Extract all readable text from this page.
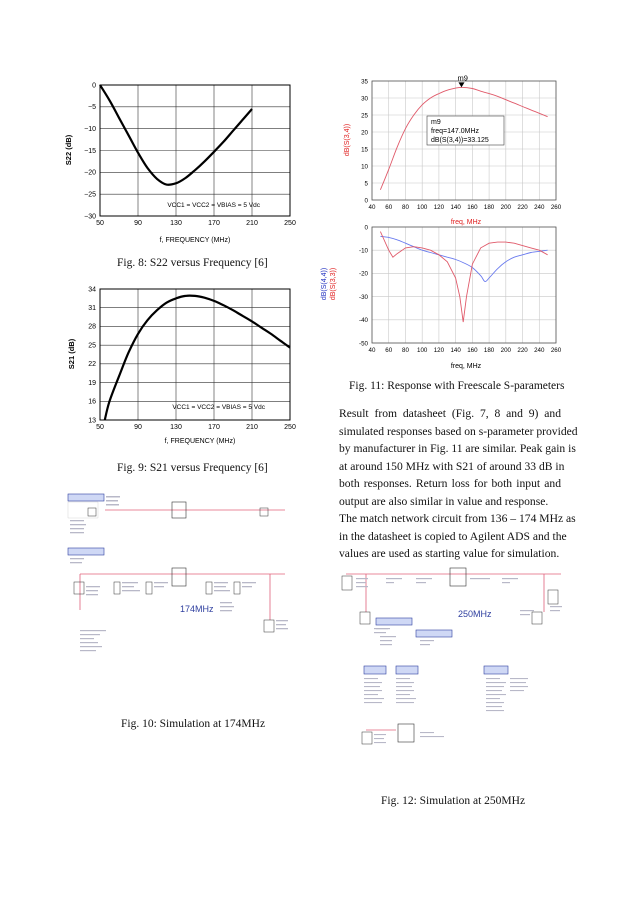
0
−5
−10
−15
−20
−25
−30
50	90	130	170	210	250
S22 (dB)
f, FREQUENCY (MHz)
VCC1 = VCC2 = VBIAS = 5 Vdc
Fig. 8: S22 versus Frequency [6]
34
31
28
25
22
19
16
13
50	90	130	170	210	250
S21 (dB)
f, FREQUENCY (MHz)
VCC1 = VCC2 = VBIAS = 5 Vdc
Fig. 9: S21 versus Frequency [6]
174MHz
Fig. 10: Simulation at 174MHz
35
30
25
20
15
10
5
0
40 60 80 100 120 140 160 180 200 220 240 260
dB(S(3,4))
freq, MHz
m9
m9
freq=147.0MHz
dB(S(3,4))=33.125
0
-10
-20
-30
-40
-50
40 60 80 100 120 140 160 180 200 220 240 260
dB(S(4,4)) dB(S(3,3))
freq, MHz
Fig. 11: Response with Freescale S-parameters
Result from datasheet (Fig. 7, 8 and 9) and
simulated responses based on s-parameter provided
by manufacturer in Fig. 11 are similar. Peak gain is
at around 150 MHz with S21 of around 33 dB in
both responses. Return loss for both input and
output are also similar in value and response.
The match network circuit from 136 – 174 MHz as
in the datasheet is copied to Agilent ADS and the
values are used as starting value for simulation.
250MHz
Fig. 12: Simulation at 250MHz
